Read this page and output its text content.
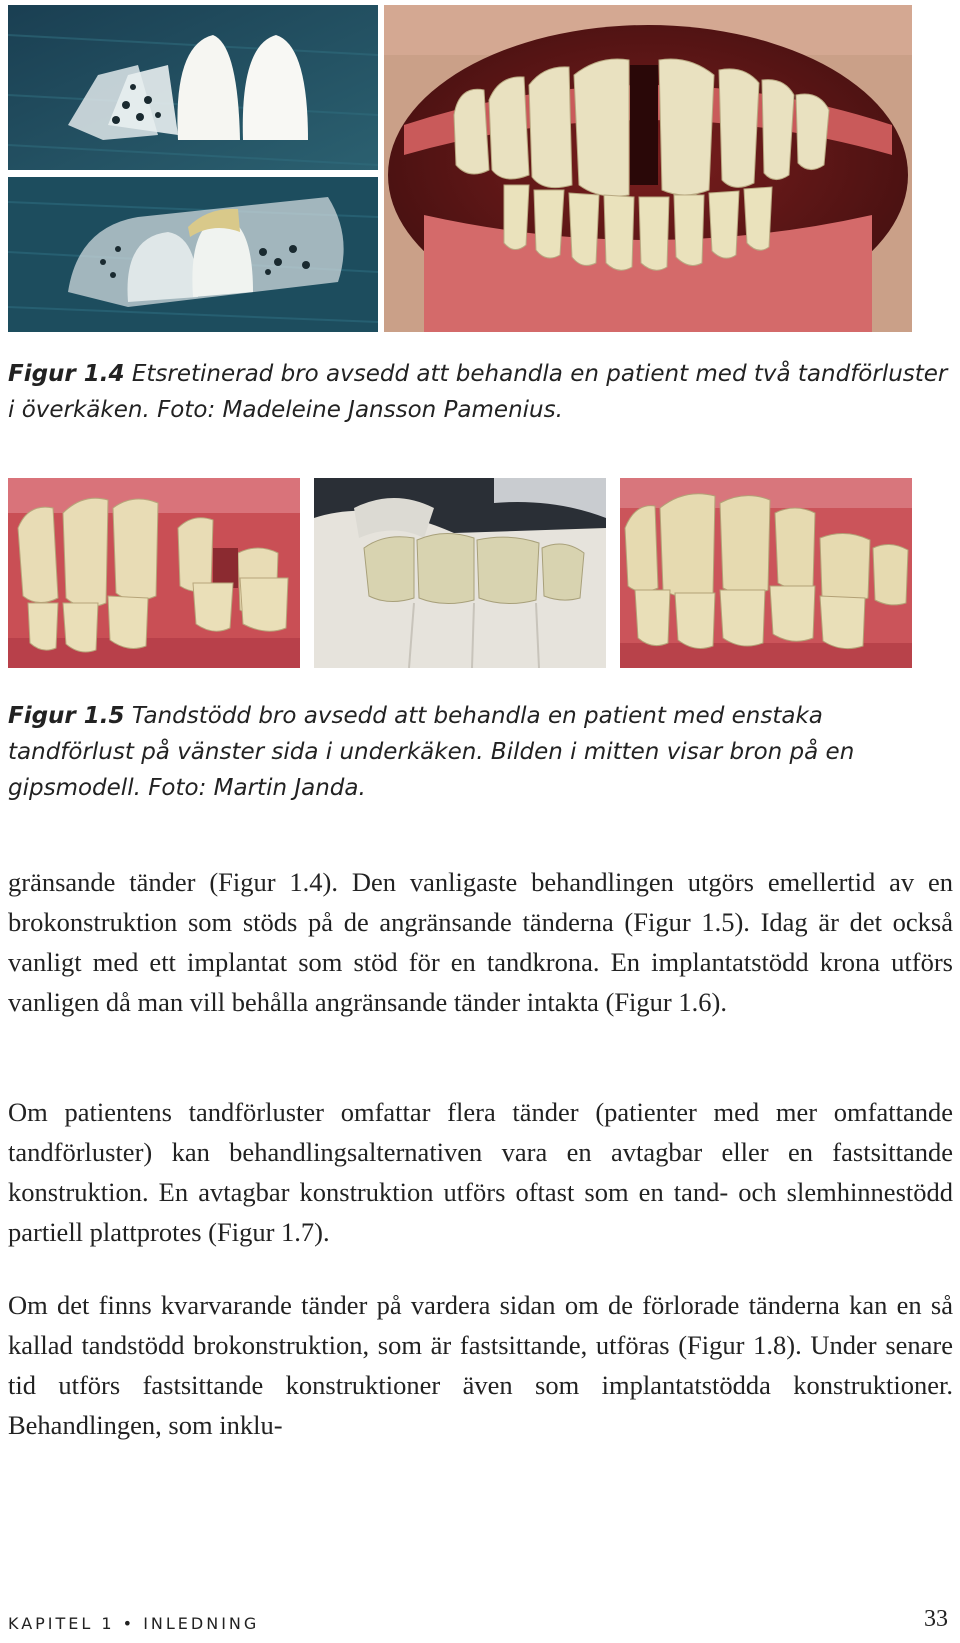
Figur 1.4 Etsretinerad bro avsedd att behandla en patient med två tandförluster i överkäken. Foto: Madeleine Jansson Pamenius.
Figur 1.5 Tandstödd bro avsedd att behandla en patient med enstaka tandförlust på vänster sida i underkäken. Bilden i mitten visar bron på en gipsmodell. Foto: Martin Janda.
gränsande tänder (Figur 1.4). Den vanligaste behandlingen utgörs emellertid av en brokonstruktion som stöds på de angränsande tänderna (Figur 1.5). Idag är det också vanligt med ett implantat som stöd för en tandkrona. En implantatstödd krona utförs vanligen då man vill behålla angränsande tänder intakta (Figur 1.6).
Om patientens tandförluster omfattar flera tänder (patienter med mer omfattande tandförluster) kan behandlingsalternativen vara en avtagbar eller en fastsittande konstruktion. En avtagbar konstruktion utförs oftast som en tand- och slemhinnestödd partiell plattprotes (Figur 1.7).
Om det finns kvarvarande tänder på vardera sidan om de förlorade tänderna kan en så kallad tandstödd brokonstruktion, som är fastsittande, utföras (Figur 1.8). Under senare tid utförs fastsittande konstruktioner även som implantatstödda konstruktioner. Behandlingen, som inklu-
KAPITEL 1 • INLEDNING	33
